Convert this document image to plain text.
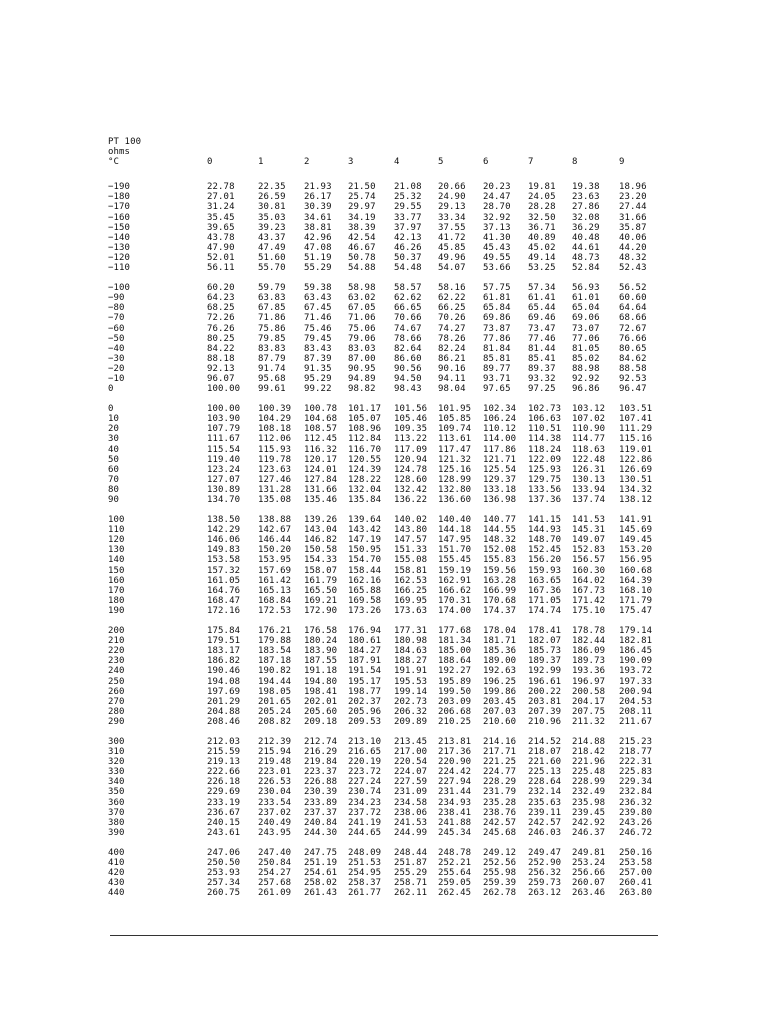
PT 100
ohms
°C	0	1	2	3	4	5	6	7	8	9
−190	22.78	22.35 21.93 21.50 21.08 20.66 20.23 19.81 19.38 18.96
−180	27.01	26.59 26.17 25.74 25.32 24.90 24.47 24.05 23.63 23.20
−170	31.24	30.81 30.39 29.97 29.55 29.13 28.70 28.28 27.86 27.44
−160	35.45	35.03 34.61 34.19 33.77 33.34 32.92 32.50 32.08 31.66
−150	39.65	39.23 38.81 38.39 37.97 37.55 37.13 36.71 36.29 35.87
−140	43.78	43.37 42.96 42.54 42.13 41.72 41.30 40.89 40.48 40.06
−130	47.90	47.49 47.08 46.67 46.26 45.85 45.43 45.02 44.61 44.20
−120	52.01	51.60 51.19 50.78 50.37 49.96 49.55 49.14 48.73 48.32
−110	56.11	55.70 55.29 54.88 54.48 54.07 53.66 53.25 52.84 52.43
−100	60.20	59.79 59.38 58.98 58.57 58.16 57.75 57.34 56.93 56.52
−90	64.23	63.83 63.43 63.02 62.62 62.22 61.81 61.41 61.01 60.60
−80	68.25	67.85 67.45 67.05 66.65 66.25 65.84 65.44 65.04 64.64
−70	72.26	71.86 71.46 71.06 70.66 70.26 69.86 69.46 69.06 68.66
−60	76.26	75.86 75.46 75.06 74.67 74.27 73.87 73.47 73.07 72.67
−50	80.25	79.85 79.45 79.06 78.66 78.26 77.86 77.46 77.06 76.66
−40	84.22	83.83 83.43 83.03 82.64 82.24 81.84 81.44 81.05 80.65
−30	88.18	87.79 87.39 87.00 86.60 86.21 85.81 85.41 85.02 84.62
−20	92.13	91.74 91.35 90.95 90.56 90.16 89.77 89.37 88.98 88.58
−10	96.07	95.68 95.29 94.89 94.50 94.11 93.71 93.32 92.92 92.53
0	100.00 99.61 99.22 98.82 98.43 98.04 97.65 97.25 96.86 96.47
0	100.00 100.39 100.78 101.17 101.56 101.95 102.34 102.73 103.12 103.51
10	103.90 104.29 104.68 105.07 105.46 105.85 106.24 106.63 107.02 107.41
20	107.79 108.18 108.57 108.96 109.35 109.74 110.12 110.51 110.90 111.29
30	111.67 112.06 112.45 112.84 113.22 113.61 114.00 114.38 114.77 115.16
40	115.54 115.93 116.32 116.70 117.09 117.47 117.86 118.24 118.63 119.01
50	119.40 119.78 120.17 120.55 120.94 121.32 121.71 122.09 122.48 122.86
60	123.24 123.63 124.01 124.39 124.78 125.16 125.54 125.93 126.31 126.69
70	127.07 127.46 127.84 128.22 128.60 128.99 129.37 129.75 130.13 130.51
80	130.89 131.28 131.66 132.04 132.42 132.80 133.18 133.56 133.94 134.32
90	134.70 135.08 135.46 135.84 136.22 136.60 136.98 137.36 137.74 138.12
100	138.50 138.88 139.26 139.64 140.02 140.40 140.77 141.15 141.53 141.91
110	142.29 142.67 143.04 143.42 143.80 144.18 144.55 144.93 145.31 145.69
120	146.06 146.44 146.82 147.19 147.57 147.95 148.32 148.70 149.07 149.45
130	149.83 150.20 150.58 150.95 151.33 151.70 152.08 152.45 152.83 153.20
140	153.58 153.95 154.33 154.70 155.08 155.45 155.83 156.20 156.57 156.95
150	157.32 157.69 158.07 158.44 158.81 159.19 159.56 159.93 160.30 160.68
160	161.05 161.42 161.79 162.16 162.53 162.91 163.28 163.65 164.02 164.39
170	164.76 165.13 165.50 165.88 166.25 166.62 166.99 167.36 167.73 168.10
180	168.47 168.84 169.21 169.58 169.95 170.31 170.68 171.05 171.42 171.79
190	172.16 172.53 172.90 173.26 173.63 174.00 174.37 174.74 175.10 175.47
200	175.84 176.21 176.58 176.94 177.31 177.68 178.04 178.41 178.78 179.14
210	179.51 179.88 180.24 180.61 180.98 181.34 181.71 182.07 182.44 182.81
220	183.17 183.54 183.90 184.27 184.63 185.00 185.36 185.73 186.09 186.45
230	186.82 187.18 187.55 187.91 188.27 188.64 189.00 189.37 189.73 190.09
240	190.46 190.82 191.18 191.54 191.91 192.27 192.63 192.99 193.36 193.72
250	194.08 194.44 194.80 195.17 195.53 195.89 196.25 196.61 196.97 197.33
260	197.69 198.05 198.41 198.77 199.14 199.50 199.86 200.22 200.58 200.94
270	201.29 201.65 202.01 202.37 202.73 203.09 203.45 203.81 204.17 204.53
280	204.88 205.24 205.60 205.96 206.32 206.68 207.03 207.39 207.75 208.11
290	208.46 208.82 209.18 209.53 209.89 210.25 210.60 210.96 211.32 211.67
300	212.03 212.39 212.74 213.10 213.45 213.81 214.16 214.52 214.88 215.23
310	215.59 215.94 216.29 216.65 217.00 217.36 217.71 218.07 218.42 218.77
320	219.13 219.48 219.84 220.19 220.54 220.90 221.25 221.60 221.96 222.31
330	222.66 223.01 223.37 223.72 224.07 224.42 224.77 225.13 225.48 225.83
340	226.18 226.53 226.88 227.24 227.59 227.94 228.29 228.64 228.99 229.34
350	229.69 230.04 230.39 230.74 231.09 231.44 231.79 232.14 232.49 232.84
360	233.19 233.54 233.89 234.23 234.58 234.93 235.28 235.63 235.98 236.32
370	236.67 237.02 237.37 237.72 238.06 238.41 238.76 239.11 239.45 239.80
380	240.15 240.49 240.84 241.19 241.53 241.88 242.57 242.57 242.92 243.26
390	243.61 243.95 244.30 244.65 244.99 245.34 245.68 246.03 246.37 246.72
400	247.06 247.40 247.75 248.09 248.44 248.78 249.12 249.47 249.81 250.16
410	250.50 250.84 251.19 251.53 251.87 252.21 252.56 252.90 253.24 253.58
420	253.93 254.27 254.61 254.95 255.29 255.64 255.98 256.32 256.66 257.00
430	257.34 257.68 258.02 258.37 258.71 259.05 259.39 259.73 260.07 260.41
440	260.75 261.09 261.43 261.77 262.11 262.45 262.78 263.12 263.46 263.80
